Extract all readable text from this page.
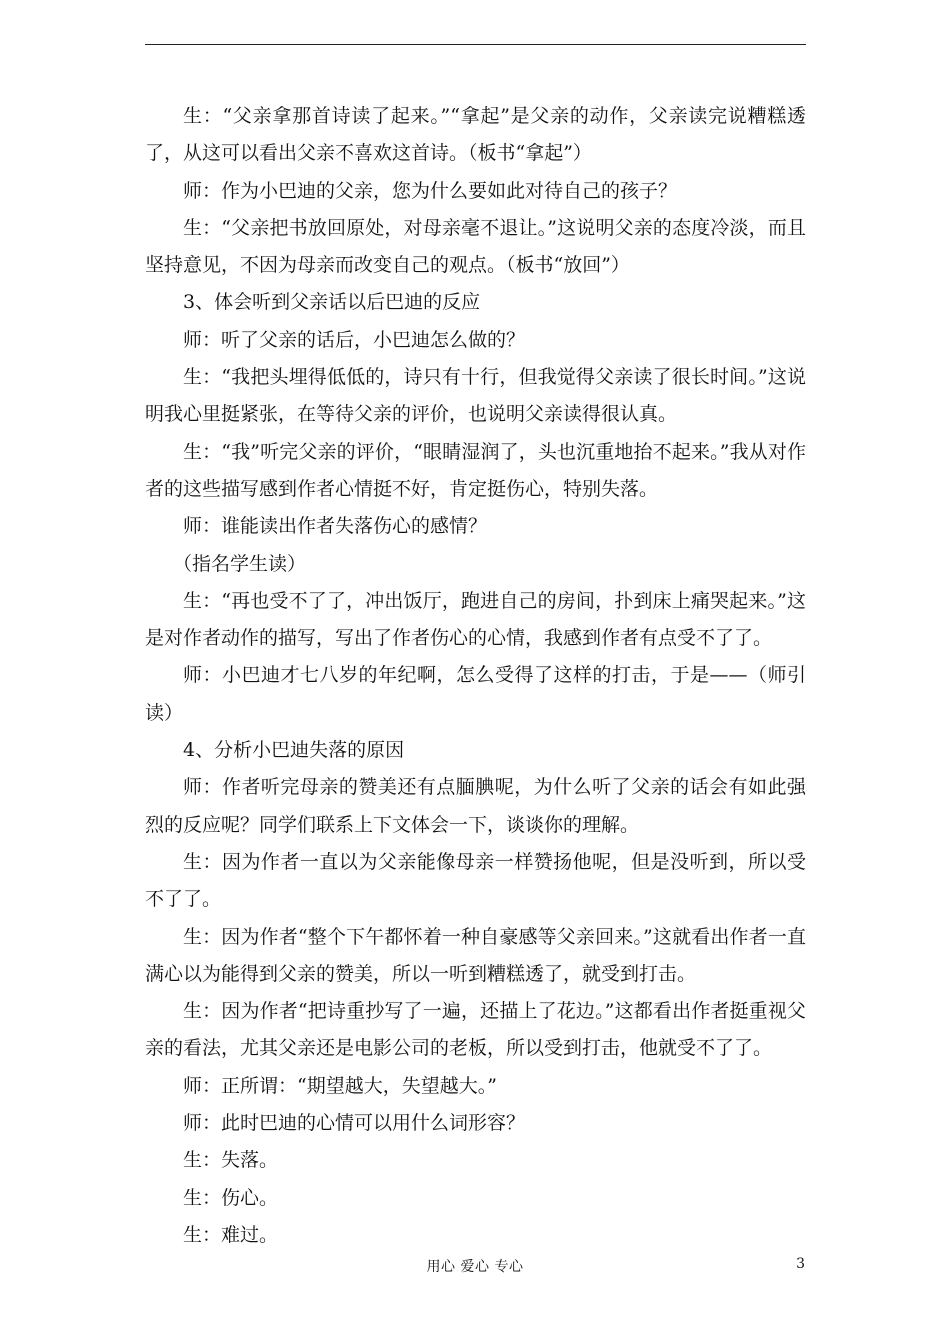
生：“父亲拿那首诗读了起来。”“拿起”是父亲的动作，父亲读完说糟糕透了，从这可以看出父亲不喜欢这首诗。（板书“拿起”）

师：作为小巴迪的父亲，您为什么要如此对待自己的孩子？

生：“父亲把书放回原处，对母亲毫不退让。”这说明父亲的态度冷淡，而且坚持意见，不因为母亲而改变自己的观点。（板书“放回”）

3、体会听到父亲话以后巴迪的反应

师：听了父亲的话后，小巴迪怎么做的？

生：“我把头埋得低低的，诗只有十行，但我觉得父亲读了很长时间。”这说明我心里挺紧张，在等待父亲的评价，也说明父亲读得很认真。

生：“我”听完父亲的评价，“眼睛湿润了，头也沉重地抬不起来。”我从对作者的这些描写感到作者心情挺不好，肯定挺伤心，特别失落。

师：谁能读出作者失落伤心的感情？

（指名学生读）

生：“再也受不了了，冲出饭厅，跑进自己的房间，扑到床上痛哭起来。”这是对作者动作的描写，写出了作者伤心的心情，我感到作者有点受不了了。

师：小巴迪才七八岁的年纪啊，怎么受得了这样的打击，于是——（师引读）

4、分析小巴迪失落的原因

师：作者听完母亲的赞美还有点腼腆呢，为什么听了父亲的话会有如此强烈的反应呢？同学们联系上下文体会一下，谈谈你的理解。

生：因为作者一直以为父亲能像母亲一样赞扬他呢，但是没听到，所以受不了了。

生：因为作者“整个下午都怀着一种自豪感等父亲回来。”这就看出作者一直满心以为能得到父亲的赞美，所以一听到糟糕透了，就受到打击。

生：因为作者“把诗重抄写了一遍，还描上了花边。”这都看出作者挺重视父亲的看法，尤其父亲还是电影公司的老板，所以受到打击，他就受不了了。

师：正所谓：“期望越大，失望越大。”

师：此时巴迪的心情可以用什么词形容？

生：失落。

生：伤心。

生：难过。

用心 爱心 专心	3
